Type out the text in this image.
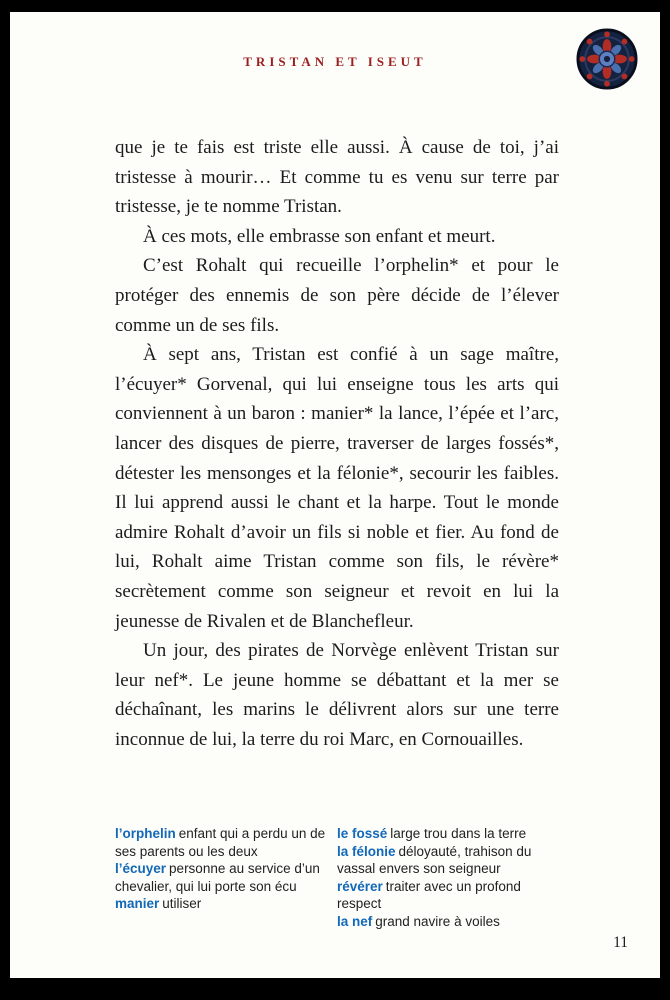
TRISTAN ET ISEUT

que je te fais est triste elle aussi. À cause de toi, j’ai tristesse à mourir… Et comme tu es venu sur terre par tristesse, je te nomme Tristan.

À ces mots, elle embrasse son enfant et meurt.

C’est Rohalt qui recueille l’orphelin* et pour le protéger des ennemis de son père décide de l’élever comme un de ses fils.

À sept ans, Tristan est confié à un sage maître, l’écuyer* Gorvenal, qui lui enseigne tous les arts qui conviennent à un baron : manier* la lance, l’épée et l’arc, lancer des disques de pierre, traverser de larges fossés*, détester les mensonges et la félonie*, secourir les faibles. Il lui apprend aussi le chant et la harpe. Tout le monde admire Rohalt d’avoir un fils si noble et fier. Au fond de lui, Rohalt aime Tristan comme son fils, le révère* secrètement comme son seigneur et revoit en lui la jeunesse de Rivalen et de Blanchefleur.

Un jour, des pirates de Norvège enlèvent Tristan sur leur nef*. Le jeune homme se débattant et la mer se déchaînant, les marins le délivrent alors sur une terre inconnue de lui, la terre du roi Marc, en Cornouailles.

l’orphelin enfant qui a perdu un de ses parents ou les deux

l’écuyer personne au service d’un chevalier, qui lui porte son écu

manier utiliser

le fossé large trou dans la terre

la félonie déloyauté, trahison du vassal envers son seigneur

révérer traiter avec un profond respect

la nef grand navire à voiles

11
